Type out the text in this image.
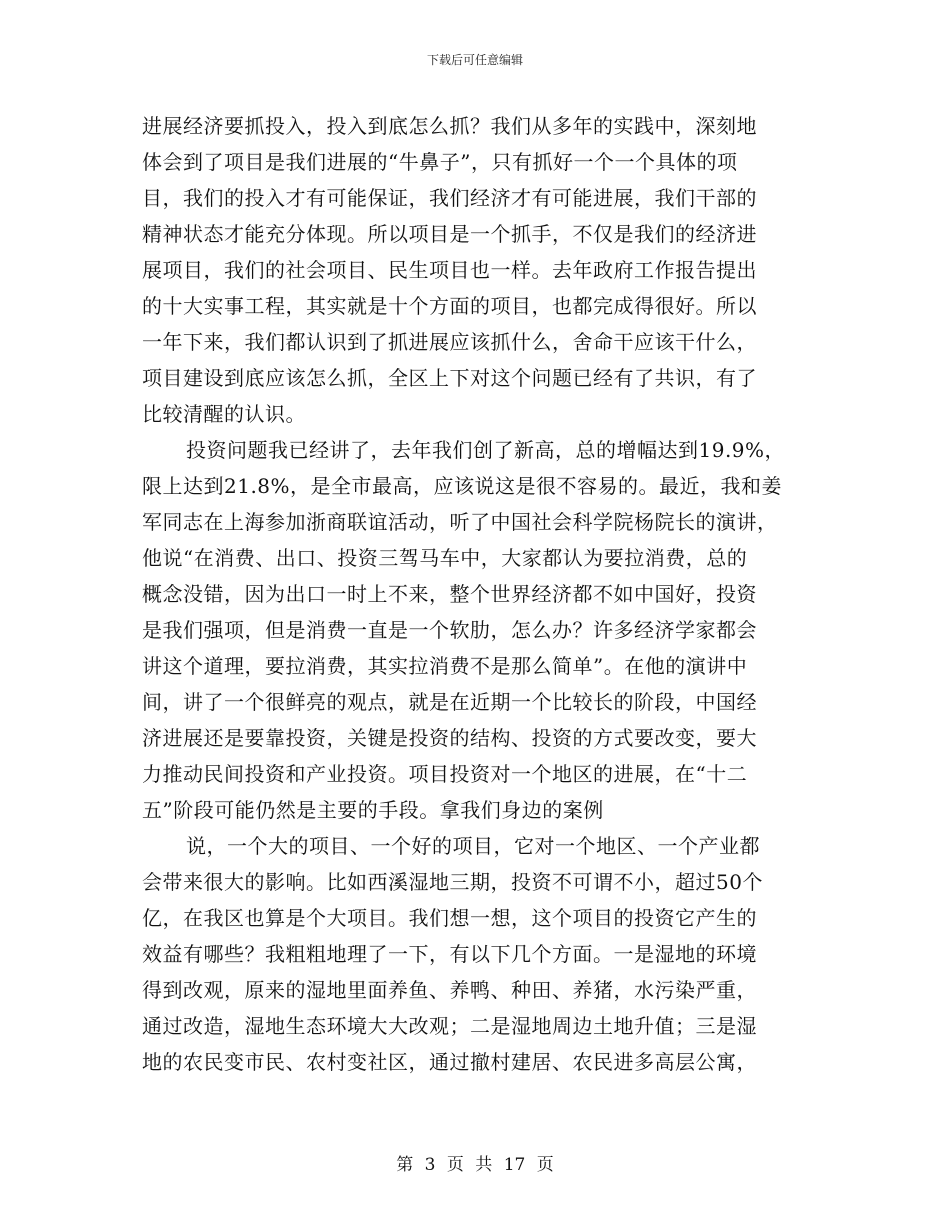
下载后可任意编辑
进展经济要抓投入，投入到底怎么抓？我们从多年的实践中，深刻地
体会到了项目是我们进展的“牛鼻子”，只有抓好一个一个具体的项
目，我们的投入才有可能保证，我们经济才有可能进展，我们干部的
精神状态才能充分体现。所以项目是一个抓手，不仅是我们的经济进
展项目，我们的社会项目、民生项目也一样。去年政府工作报告提出
的十大实事工程，其实就是十个方面的项目，也都完成得很好。所以
一年下来，我们都认识到了抓进展应该抓什么，舍命干应该干什么，
项目建设到底应该怎么抓，全区上下对这个问题已经有了共识，有了
比较清醒的认识。
投资问题我已经讲了，去年我们创了新高，总的增幅达到19.9%，
限上达到21.8%，是全市最高，应该说这是很不容易的。最近，我和姜
军同志在上海参加浙商联谊活动，听了中国社会科学院杨院长的演讲，
他说“在消费、出口、投资三驾马车中，大家都认为要拉消费，总的
概念没错，因为出口一时上不来，整个世界经济都不如中国好，投资
是我们强项，但是消费一直是一个软肋，怎么办？许多经济学家都会
讲这个道理，要拉消费，其实拉消费不是那么简单”。在他的演讲中
间，讲了一个很鲜亮的观点，就是在近期一个比较长的阶段，中国经
济进展还是要靠投资，关键是投资的结构、投资的方式要改变，要大
力推动民间投资和产业投资。项目投资对一个地区的进展，在“十二
五”阶段可能仍然是主要的手段。拿我们身边的案例
说，一个大的项目、一个好的项目，它对一个地区、一个产业都
会带来很大的影响。比如西溪湿地三期，投资不可谓不小，超过50个
亿，在我区也算是个大项目。我们想一想，这个项目的投资它产生的
效益有哪些？我粗粗地理了一下，有以下几个方面。一是湿地的环境
得到改观，原来的湿地里面养鱼、养鸭、种田、养猪，水污染严重，
通过改造，湿地生态环境大大改观；二是湿地周边土地升值；三是湿
地的农民变市民、农村变社区，通过撤村建居、农民进多高层公寓，
第 3 页 共 17 页
